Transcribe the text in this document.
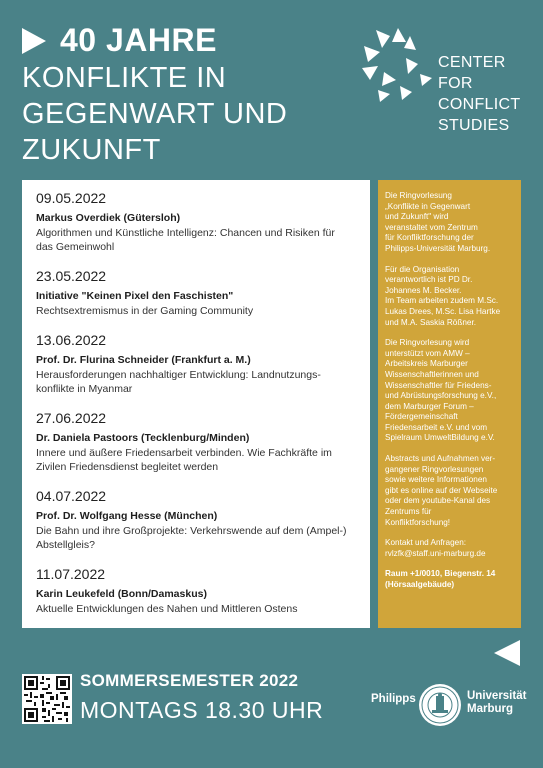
40 JAHRE
KONFLIKTE IN
GEGENWART UND
ZUKUNFT
CENTER
FOR
CONFLICT
STUDIES
09.05.2022
Markus Overdiek (Gütersloh)
Algorithmen und Künstliche Intelligenz: Chancen und Risiken für
das Gemeinwohl
23.05.2022
Initiative "Keinen Pixel den Faschisten"
Rechtsextremismus in der Gaming Community
13.06.2022
Prof. Dr. Flurina Schneider (Frankfurt a. M.)
Herausforderungen nachhaltiger Entwicklung: Landnutzungs-
konflikte in Myanmar
27.06.2022
Dr. Daniela Pastoors (Tecklenburg/Minden)
Innere und äußere Friedensarbeit verbinden. Wie Fachkräfte im
Zivilen Friedensdienst begleitet werden
04.07.2022
Prof. Dr. Wolfgang Hesse (München)
Die Bahn und ihre Großprojekte: Verkehrswende auf dem (Ampel-)
Abstellgleis?
11.07.2022
Karin Leukefeld (Bonn/Damaskus)
Aktuelle Entwicklungen des Nahen und Mittleren Ostens

Die Ringvorlesung
„Konflikte in Gegenwart
und Zukunft" wird
veranstaltet vom Zentrum
für Konfliktforschung der
Philipps-Universität Marburg.

Für die Organisation
verantwortlich ist PD Dr.
Johannes M. Becker.
Im Team arbeiten zudem M.Sc.
Lukas Drees, M.Sc. Lisa Hartke
und M.A. Saskia Rößner.

Die Ringvorlesung wird
unterstützt vom AMW –
Arbeitskreis Marburger
Wissenschaftlerinnen und
Wissenschaftler für Friedens-
und Abrüstungsforschung e.V.,
dem Marburger Forum –
Fördergemeinschaft
Friedensarbeit e.V. und vom
Spielraum UmweltBildung e.V.

Abstracts und Aufnahmen ver-
gangener Ringvorlesungen
sowie weitere Informationen
gibt es online auf der Webseite
oder dem youtube-Kanal des
Zentrums für
Konfliktforschung!

Kontakt und Anfragen:
rvlzfk@staff.uni-marburg.de

Raum +1/0010, Biegenstr. 14
(Hörsaalgebäude)

SOMMERSEMESTER 2022
MONTAGS 18.30 UHR	Philipps	Universität
Marburg
